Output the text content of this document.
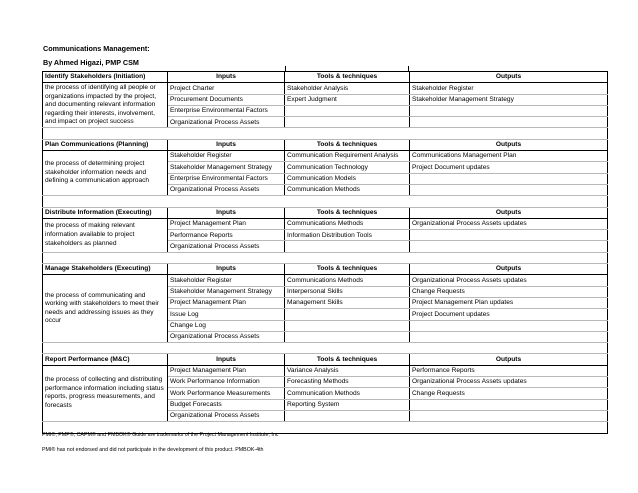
Communications Management:
By Ahmed Higazi, PMP CSM
Identify Stakeholders (Initiation)	Inputs	Tools & techniques	Outputs
the process of identifying all people or organizations impacted by the project, and documenting relevant information regarding their interests, involvement, and impact on project success	Project Charter	Stakeholder Analysis	Stakeholder Register
	Procurement Documents	Expert Judgment	Stakeholder Management Strategy
	Enterprise Environmental Factors		
	Organizational Process Assets		

Plan Communications (Planning)	Inputs	Tools & techniques	Outputs
the process of determining project stakeholder information needs and defining a communication approach	Stakeholder Register	Communication Requirement Analysis	Communications Management Plan
	Stakeholder Management Strategy	Communication Technology	Project Document updates
	Enterprise Environmental Factors	Communication Models	
	Organizational Process Assets	Communication Methods	

Distribute Information (Executing)	Inputs	Tools & techniques	Outputs
the process of making relevant information available to project stakeholders as planned	Project Management Plan	Communications Methods	Organizational Process Assets updates
	Performance Reports	Information Distribution Tools	
	Organizational Process Assets		

Manage Stakeholders (Executing)	Inputs	Tools & techniques	Outputs
the process of communicating and working with stakeholders to meet their needs and addressing issues as they occur	Stakeholder Register	Communications Methods	Organizational Process Assets updates
	Stakeholder Management Strategy	Interpersonal Skills	Change Requests
	Project Management Plan	Management Skills	Project Management Plan updates
	Issue Log		Project Document updates
	Change Log		
	Organizational Process Assets		

Report Performance (M&C)	Inputs	Tools & techniques	Outputs
the process of collecting and distributing performance information including status reports, progress measurements, and forecasts	Project Management Plan	Variance Analysis	Performance Reports
	Work Performance Information	Forecasting Methods	Organizational Process Assets updates
	Work Performance Measurements	Communication Methods	Change Requests
	Budget Forecasts	Reporting System	
	Organizational Process Assets		

PMI®, PMP®, CAPM® and PMBOK® Guide are trademarks of the Project Management Institute, Inc
PMI® has not endorsed and did not participate in the development of this product. PMBOK-4th
